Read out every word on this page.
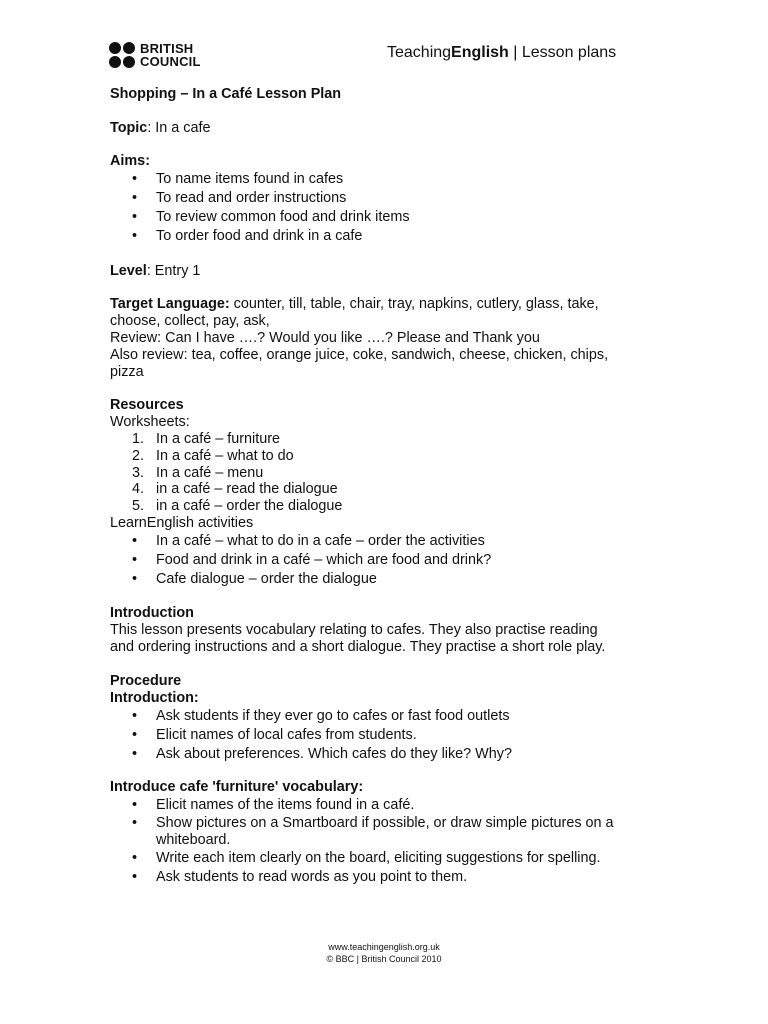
BRITISH
COUNCIL
TeachingEnglish | Lesson plans
Shopping – In a Café Lesson Plan
Topic: In a cafe
Aims:
• To name items found in cafes
• To read and order instructions
• To review common food and drink items
• To order food and drink in a cafe
Level: Entry 1
Target Language: counter, till, table, chair, tray, napkins, cutlery, glass, take,
choose, collect, pay, ask,
Review: Can I have ….? Would you like ….? Please and Thank you
Also review: tea, coffee, orange juice, coke, sandwich, cheese, chicken, chips,
pizza
Resources
Worksheets:
1. In a café – furniture
2. In a café – what to do
3. In a café – menu
4. in a café – read the dialogue
5. in a café – order the dialogue
LearnEnglish activities
• In a café – what to do in a cafe – order the activities
• Food and drink in a café – which are food and drink?
• Cafe dialogue – order the dialogue
Introduction
This lesson presents vocabulary relating to cafes. They also practise reading
and ordering instructions and a short dialogue. They practise a short role play.
Procedure
Introduction:
• Ask students if they ever go to cafes or fast food outlets
• Elicit names of local cafes from students.
• Ask about preferences. Which cafes do they like? Why?
Introduce cafe 'furniture' vocabulary:
• Elicit names of the items found in a café.
• Show pictures on a Smartboard if possible, or draw simple pictures on a
whiteboard.
• Write each item clearly on the board, eliciting suggestions for spelling.
• Ask students to read words as you point to them.
www.teachingenglish.org.uk
© BBC | British Council 2010
